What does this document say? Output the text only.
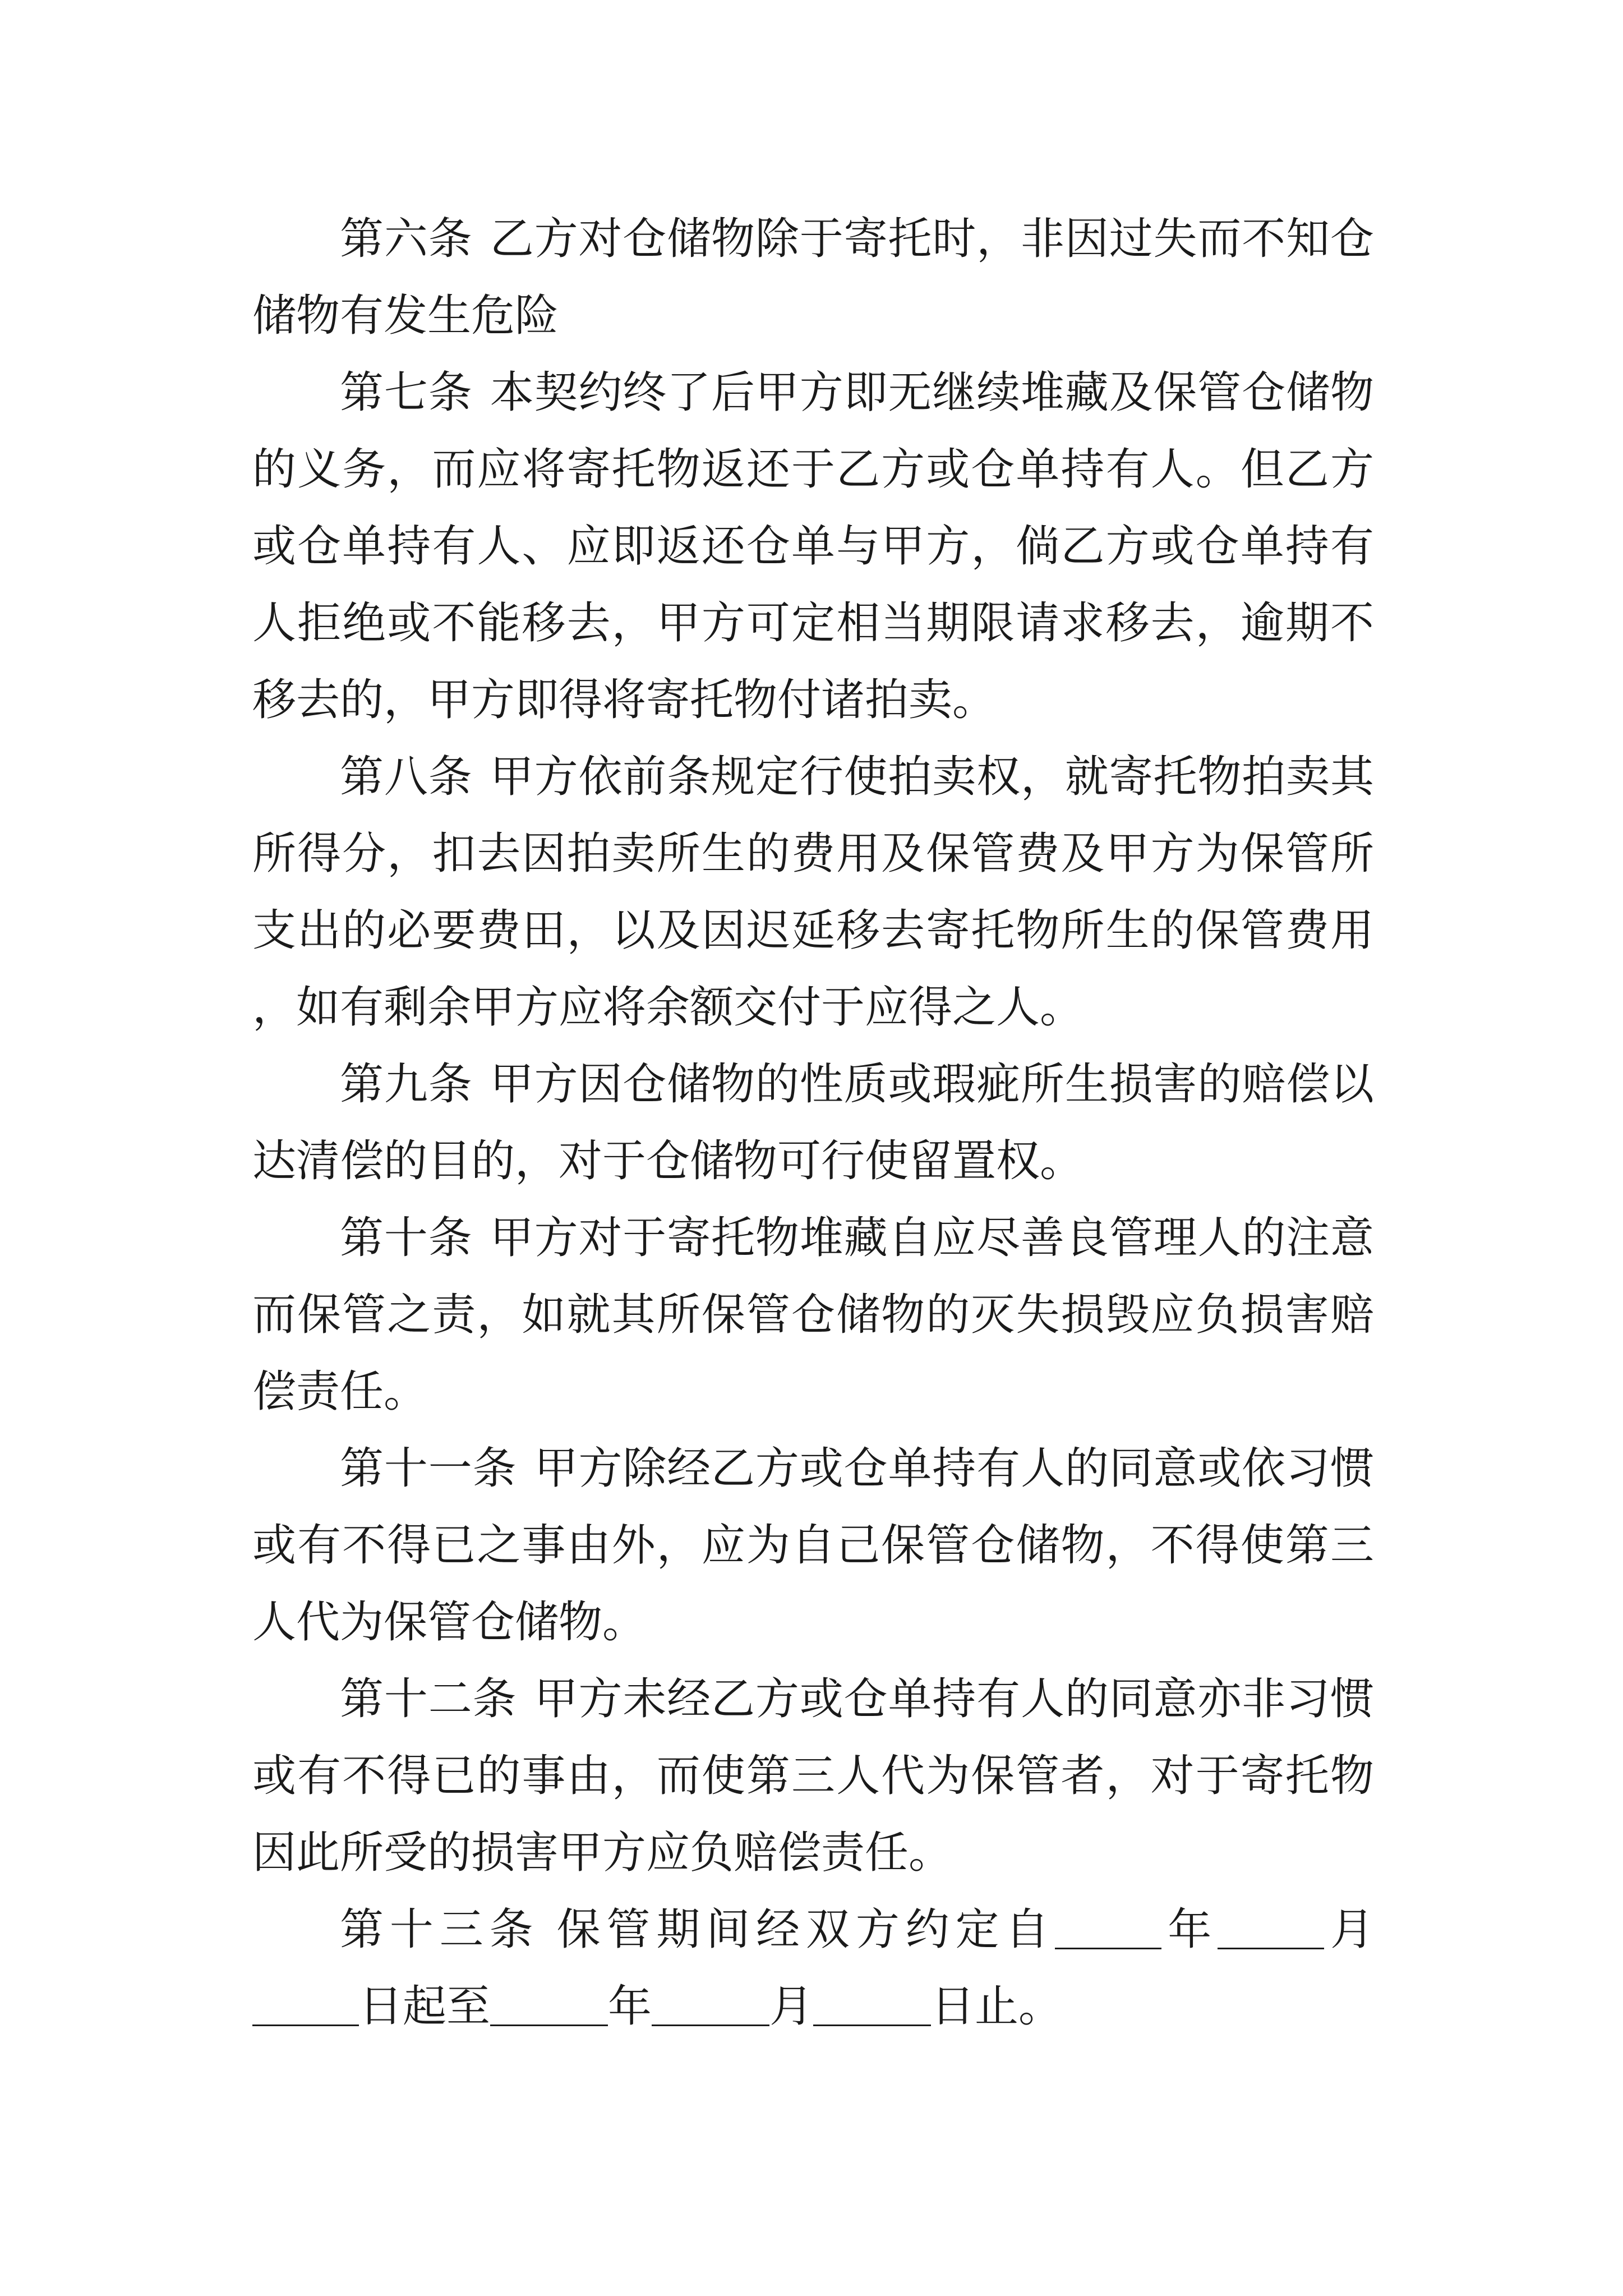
第六条 乙方对仓储物除于寄托时，非因过失而不知仓储物有发生危险

第七条 本契约终了后甲方即无继续堆藏及保管仓储物的义务，而应将寄托物返还于乙方或仓单持有人。但乙方或仓单持有人、应即返还仓单与甲方，倘乙方或仓单持有人拒绝或不能移去，甲方可定相当期限请求移去，逾期不移去的，甲方即得将寄托物付诸拍卖。

第八条 甲方依前条规定行使拍卖权，就寄托物拍卖其所得分，扣去因拍卖所生的费用及保管费及甲方为保管所支出的必要费田，以及因迟延移去寄托物所生的保管费用，如有剩余甲方应将余额交付于应得之人。

第九条 甲方因仓储物的性质或瑕疵所生损害的赔偿以达清偿的目的，对于仓储物可行使留置权。

第十条 甲方对于寄托物堆藏自应尽善良管理人的注意而保管之责，如就其所保管仓储物的灭失损毁应负损害赔偿责任。

第十一条 甲方除经乙方或仓单持有人的同意或依习惯或有不得已之事由外，应为自己保管仓储物，不得使第三人代为保管仓储物。

第十二条 甲方未经乙方或仓单持有人的同意亦非习惯或有不得已的事由，而使第三人代为保管者，对于寄托物因此所受的损害甲方应负赔偿责任。

第十三条 保管期间经双方约定自 年 月日起至	年	月	日止。
